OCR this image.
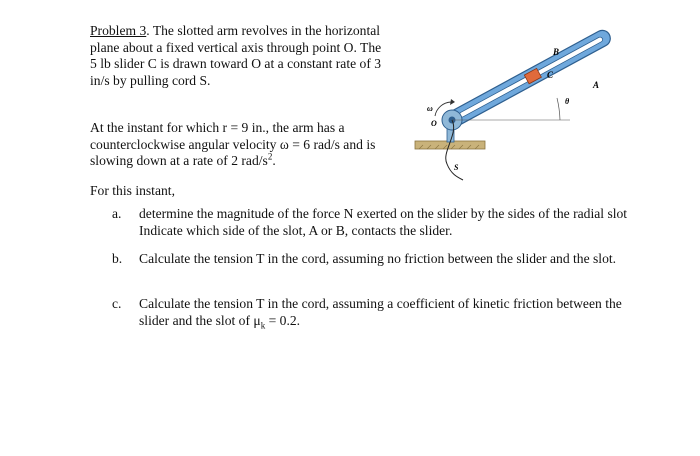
Problem 3. The slotted arm revolves in the horizontal plane about a fixed vertical axis through point O. The 5 lb slider C is drawn toward O at a constant rate of 3 in/s by pulling cord S.
At the instant for which r = 9 in., the arm has a counterclockwise angular velocity ω = 6 rad/s and is slowing down at a rate of 2 rad/$s^2$.
For this instant,
a.	determine the magnitude of the force N exerted on the slider by the sides of the radial slot Indicate which side of the slot, A or B, contacts the slider.
b.	Calculate the tension T in the cord, assuming no friction between the slider and the slot.
c.	Calculate the tension T in the cord, assuming a coefficient of kinetic friction between the slider and the slot of $\mu_k = 0.2$.
B
C
A
θ
ω
O
S
